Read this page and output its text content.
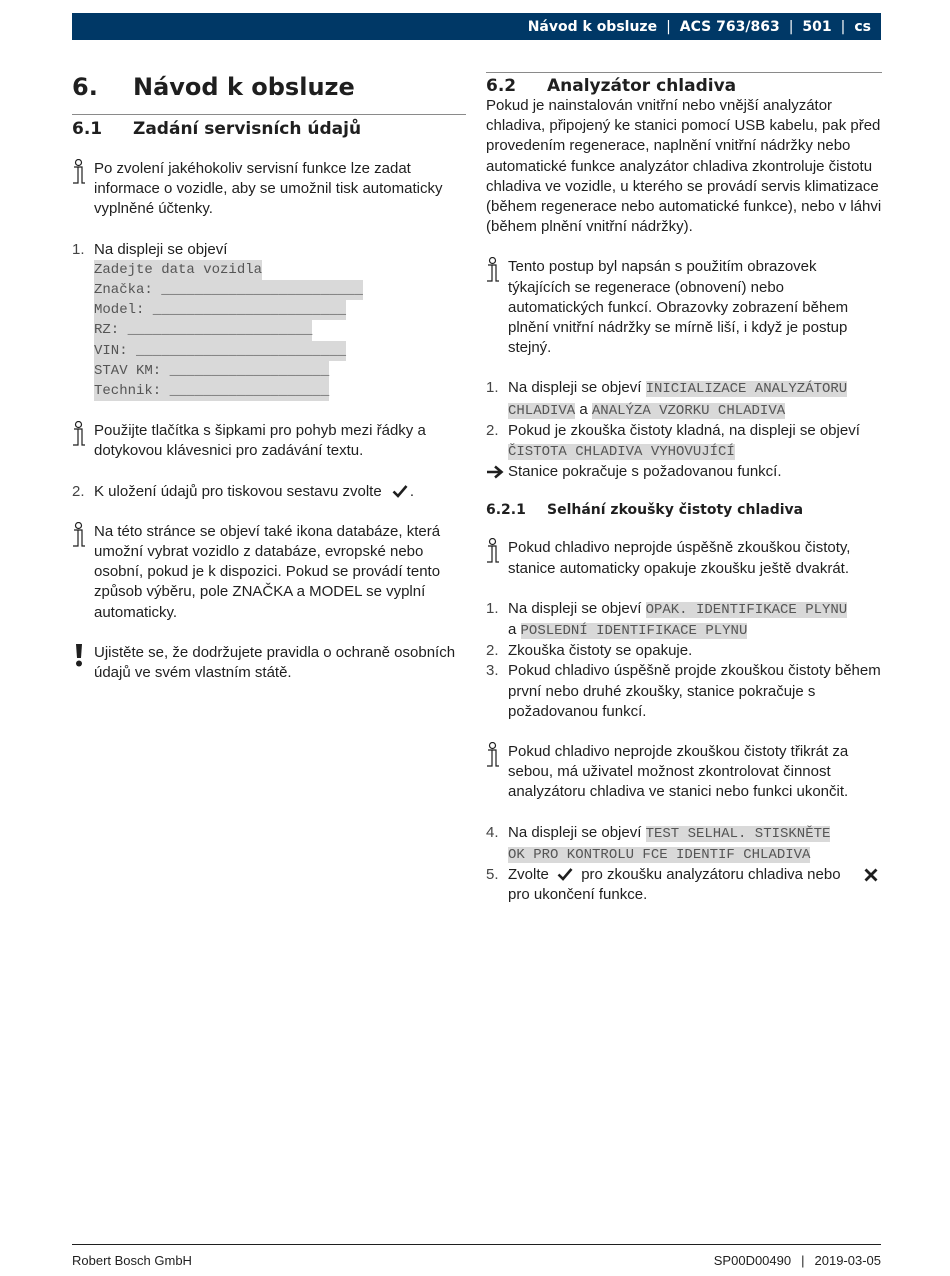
Návod k obsluze | ACS 763/863 | 501 | cs
6.	Návod k obsluze
6.1	Zadání servisních údajů
Po zvolení jakéhokoliv servisní funkce lze zadat informace o vozidle, aby se umožnil tisk automaticky vyplněné účtenky.
1. Na displeji se objeví
Zadejte data vozidla
Značka: ________________________
Model: _______________________
RZ: ______________________
VIN: _________________________
STAV KM: ___________________
Technik: ___________________
Použijte tlačítka s šipkami pro pohyb mezi řádky a dotykovou klávesnici pro zadávání textu.
2. K uložení údajů pro tiskovou sestavu zvolte .
Na této stránce se objeví také ikona databáze, která umožní vybrat vozidlo z databáze, evropské nebo osobní, pokud je k dispozici. Pokud se provádí tento způsob výběru, pole ZNAČKA a MODEL se vyplní automaticky.
Ujistěte se, že dodržujete pravidla o ochraně osobních údajů ve svém vlastním státě.
6.2	Analyzátor chladiva
Pokud je nainstalován vnitřní nebo vnější analyzátor chladiva, připojený ke stanici pomocí USB kabelu, pak před provedením regenerace, naplnění vnitřní nádržky nebo automatické funkce analyzátor chladiva zkontroluje čistotu chladiva ve vozidle, u kterého se provádí servis klimatizace (během regenerace nebo automatické funkce), nebo v láhvi (během plnění vnitřní nádržky).
Tento postup byl napsán s použitím obrazovek týkajících se regenerace (obnovení) nebo automatických funkcí. Obrazovky zobrazení během plnění vnitřní nádržky se mírně liší, i když je postup stejný.
1. Na displeji se objeví INICIALIZACE ANALYZÁTORU
CHLADIVA a ANALÝZA VZORKU CHLADIVA
2. Pokud je zkouška čistoty kladná, na displeji se objeví
ČISTOTA CHLADIVA VYHOVUJÍCÍ
Stanice pokračuje s požadovanou funkcí.
6.2.1	Selhání zkoušky čistoty chladiva
Pokud chladivo neprojde úspěšně zkouškou čistoty, stanice automaticky opakuje zkoušku ještě dvakrát.
1. Na displeji se objeví OPAK. IDENTIFIKACE PLYNU
a POSLEDNÍ IDENTIFIKACE PLYNU
2. Zkouška čistoty se opakuje.
3. Pokud chladivo úspěšně projde zkouškou čistoty během první nebo druhé zkoušky, stanice pokračuje s požadovanou funkcí.
Pokud chladivo neprojde zkouškou čistoty třikrát za sebou, má uživatel možnost zkontrolovat činnost analyzátoru chladiva ve stanici nebo funkci ukončit.
4. Na displeji se objeví TEST SELHAL. STISKNĚTE
OK PRO KONTROLU FCE IDENTIF CHLADIVA
5. Zvolte pro zkoušku analyzátoru chladiva nebo

pro ukončení funkce.
Robert Bosch GmbH	SP00D00490 | 2019-03-05
